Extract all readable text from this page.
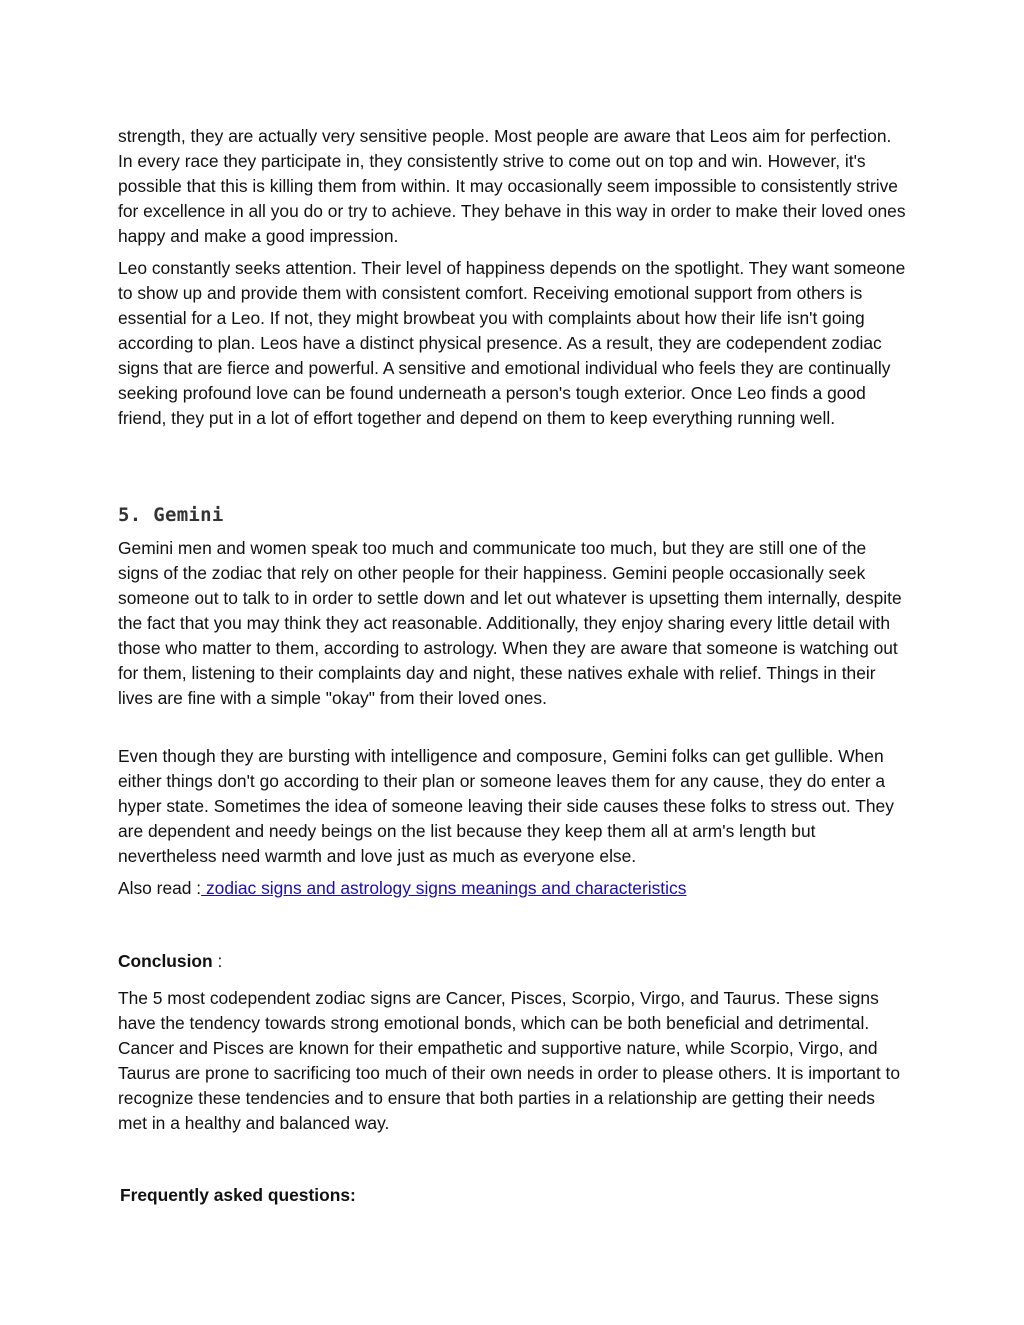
strength, they are actually very sensitive people. Most people are aware that Leos aim for perfection. In every race they participate in, they consistently strive to come out on top and win. However, it's possible that this is killing them from within. It may occasionally seem impossible to consistently strive for excellence in all you do or try to achieve. They behave in this way in order to make their loved ones happy and make a good impression.

Leo constantly seeks attention. Their level of happiness depends on the spotlight. They want someone to show up and provide them with consistent comfort. Receiving emotional support from others is essential for a Leo. If not, they might browbeat you with complaints about how their life isn't going according to plan. Leos have a distinct physical presence. As a result, they are codependent zodiac signs that are fierce and powerful. A sensitive and emotional individual who feels they are continually seeking profound love can be found underneath a person's tough exterior. Once Leo finds a good friend, they put in a lot of effort together and depend on them to keep everything running well.

5. Gemini

Gemini men and women speak too much and communicate too much, but they are still one of the signs of the zodiac that rely on other people for their happiness. Gemini people occasionally seek someone out to talk to in order to settle down and let out whatever is upsetting them internally, despite the fact that you may think they act reasonable. Additionally, they enjoy sharing every little detail with those who matter to them, according to astrology. When they are aware that someone is watching out for them, listening to their complaints day and night, these natives exhale with relief. Things in their lives are fine with a simple "okay" from their loved ones.

Even though they are bursting with intelligence and composure, Gemini folks can get gullible. When either things don't go according to their plan or someone leaves them for any cause, they do enter a hyper state. Sometimes the idea of someone leaving their side causes these folks to stress out. They are dependent and needy beings on the list because they keep them all at arm's length but nevertheless need warmth and love just as much as everyone else.

Also read : zodiac signs and astrology signs meanings and characteristics

Conclusion :

The 5 most codependent zodiac signs are Cancer, Pisces, Scorpio, Virgo, and Taurus. These signs have the tendency towards strong emotional bonds, which can be both beneficial and detrimental. Cancer and Pisces are known for their empathetic and supportive nature, while Scorpio, Virgo, and Taurus are prone to sacrificing too much of their own needs in order to please others. It is important to recognize these tendencies and to ensure that both parties in a relationship are getting their needs met in a healthy and balanced way.

Frequently asked questions:
